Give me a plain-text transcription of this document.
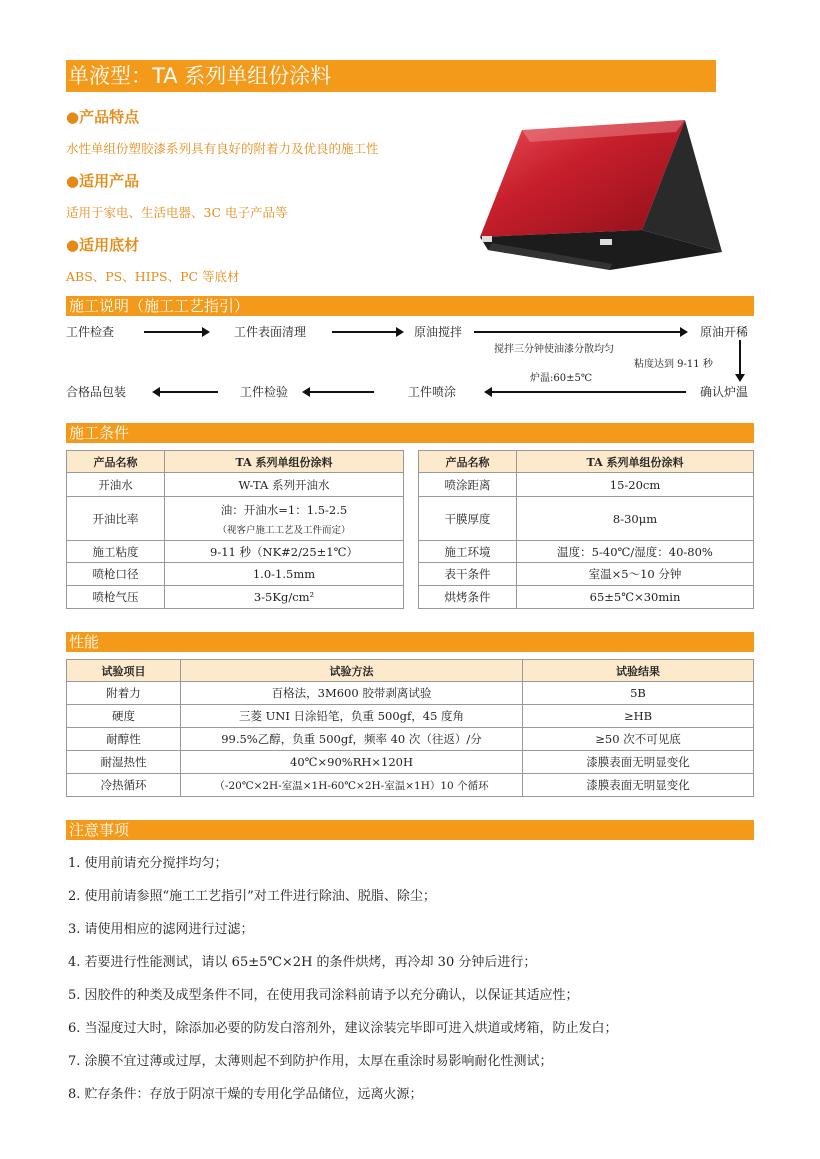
单液型：TA 系列单组份涂料
●产品特点
水性单组份塑胶漆系列具有良好的附着力及优良的施工性
●适用产品
适用于家电、生活电器、3C 电子产品等
●适用底材
ABS、PS、HIPS、PC 等底材
施工说明（施工工艺指引）
工件检查	工件表面清理	原油搅拌	原油开稀
搅拌三分钟使油漆分散均匀
粘度达到 9-11 秒
炉温:60±5℃
合格品包装	工件检验	工件喷涂	确认炉温
施工条件
产品名称	TA 系列单组份涂料
开油水	W-TA 系列开油水
开油比率	油：开油水=1：1.5-2.5
（视客户施工工艺及工件而定）

施工粘度	9-11 秒（NK#2/25±1℃）
喷枪口径	1.0-1.5mm
喷枪气压	3-5Kg/cm²
产品名称	TA 系列单组份涂料
喷涂距离	15-20cm
干膜厚度	8-30μm
施工环境	温度：5-40℃/湿度：40-80%
表干条件	室温×5～10 分钟
烘烤条件	65±5℃×30min
性能
试验项目	试验方法	试验结果
附着力	百格法，3M600 胶带剥离试验	5B
硬度	三菱 UNI 日涂铅笔，负重 500gf，45 度角	≥HB
耐醇性	99.5%乙醇，负重 500gf，频率 40 次（往返）/分	≥50 次不可见底
耐湿热性	40℃×90%RH×120H	漆膜表面无明显变化
冷热循环	（-20℃×2H-室温×1H-60℃×2H-室温×1H）10 个循环	漆膜表面无明显变化
注意事项
1. 使用前请充分搅拌均匀；
2. 使用前请参照“施工工艺指引”对工件进行除油、脱脂、除尘；
3. 请使用相应的滤网进行过滤；
4. 若要进行性能测试，请以 65±5℃×2H 的条件烘烤，再冷却 30 分钟后进行；
5. 因胶件的种类及成型条件不同，在使用我司涂料前请予以充分确认，以保证其适应性；
6. 当湿度过大时，除添加必要的防发白溶剂外，建议涂装完毕即可进入烘道或烤箱，防止发白；
7. 涂膜不宜过薄或过厚，太薄则起不到防护作用，太厚在重涂时易影响耐化性测试；
8. 贮存条件：存放于阴凉干燥的专用化学品储位，远离火源；
